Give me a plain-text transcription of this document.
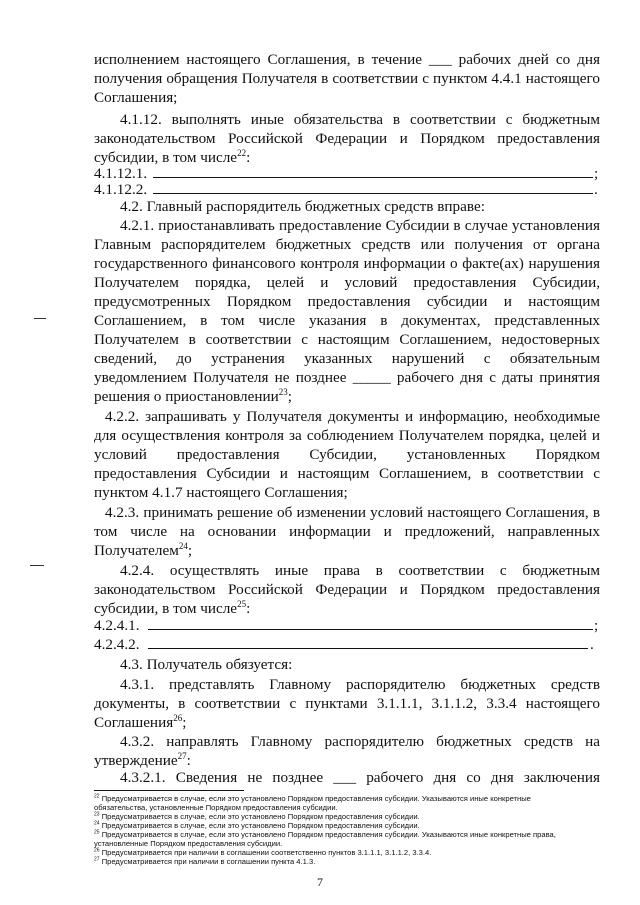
исполнением настоящего Соглашения, в течение ___ рабочих дней со дня
получения обращения Получателя в соответствии с пунктом 4.4.1 настоящего
Соглашения;
4.1.12. выполнять иные обязательства в соответствии с бюджетным
законодательством Российской Федерации и Порядком предоставления
субсидии, в том числе$^{22}$:
4.1.12.1.	;
4.1.12.2.	.
4.2. Главный распорядитель бюджетных средств вправе:
4.2.1. приостанавливать предоставление Субсидии в случае установления
Главным распорядителем бюджетных средств или получения от органа
государственного финансового контроля информации о факте(ах) нарушения
Получателем порядка, целей и условий предоставления Субсидии,
предусмотренных Порядком предоставления субсидии и настоящим
Соглашением, в том числе указания в документах, представленных
Получателем в соответствии с настоящим Соглашением, недостоверных
сведений, до устранения указанных нарушений с обязательным
уведомлением Получателя не позднее _____ рабочего дня с даты принятия
решения о приостановлении$^{23}$;
4.2.2. запрашивать у Получателя документы и информацию, необходимые
для осуществления контроля за соблюдением Получателем порядка, целей и
условий предоставления Субсидии, установленных Порядком
предоставления Субсидии и настоящим Соглашением, в соответствии с
пунктом 4.1.7 настоящего Соглашения;
4.2.3. принимать решение об изменении условий настоящего Соглашения, в
том числе на основании информации и предложений, направленных
Получателем$^{24}$;
4.2.4. осуществлять иные права в соответствии с бюджетным
законодательством Российской Федерации и Порядком предоставления
субсидии, в том числе$^{25}$:
4.2.4.1.	;
4.2.4.2.	.
4.3. Получатель обязуется:
4.3.1. представлять Главному распорядителю бюджетных средств
документы, в соответствии с пунктами 3.1.1.1, 3.1.1.2, 3.3.4 настоящего
Соглашения$^{26}$;
4.3.2. направлять Главному распорядителю бюджетных средств на
утверждение$^{27}$:
4.3.2.1. Сведения не позднее ___ рабочего дня со дня заключения
$^{22}$ Предусматривается в случае, если это установлено Порядком предоставления субсидии. Указываются иные конкретные
обязательства, установленные Порядком предоставления субсидии.
$^{23}$ Предусматривается в случае, если это установлено Порядком предоставления субсидии.
$^{24}$ Предусматривается в случае, если это установлено Порядком предоставления субсидии.
$^{25}$ Предусматривается в случае, если это установлено Порядком предоставления субсидии. Указываются иные конкретные права,
установленные Порядком предоставления субсидии.
$^{26}$ Предусматривается при наличии в соглашении соответственно пунктов 3.1.1.1, 3.1.1.2, 3.3.4.
$^{27}$ Предусматривается при наличии в соглашении пункта 4.1.3.
7
